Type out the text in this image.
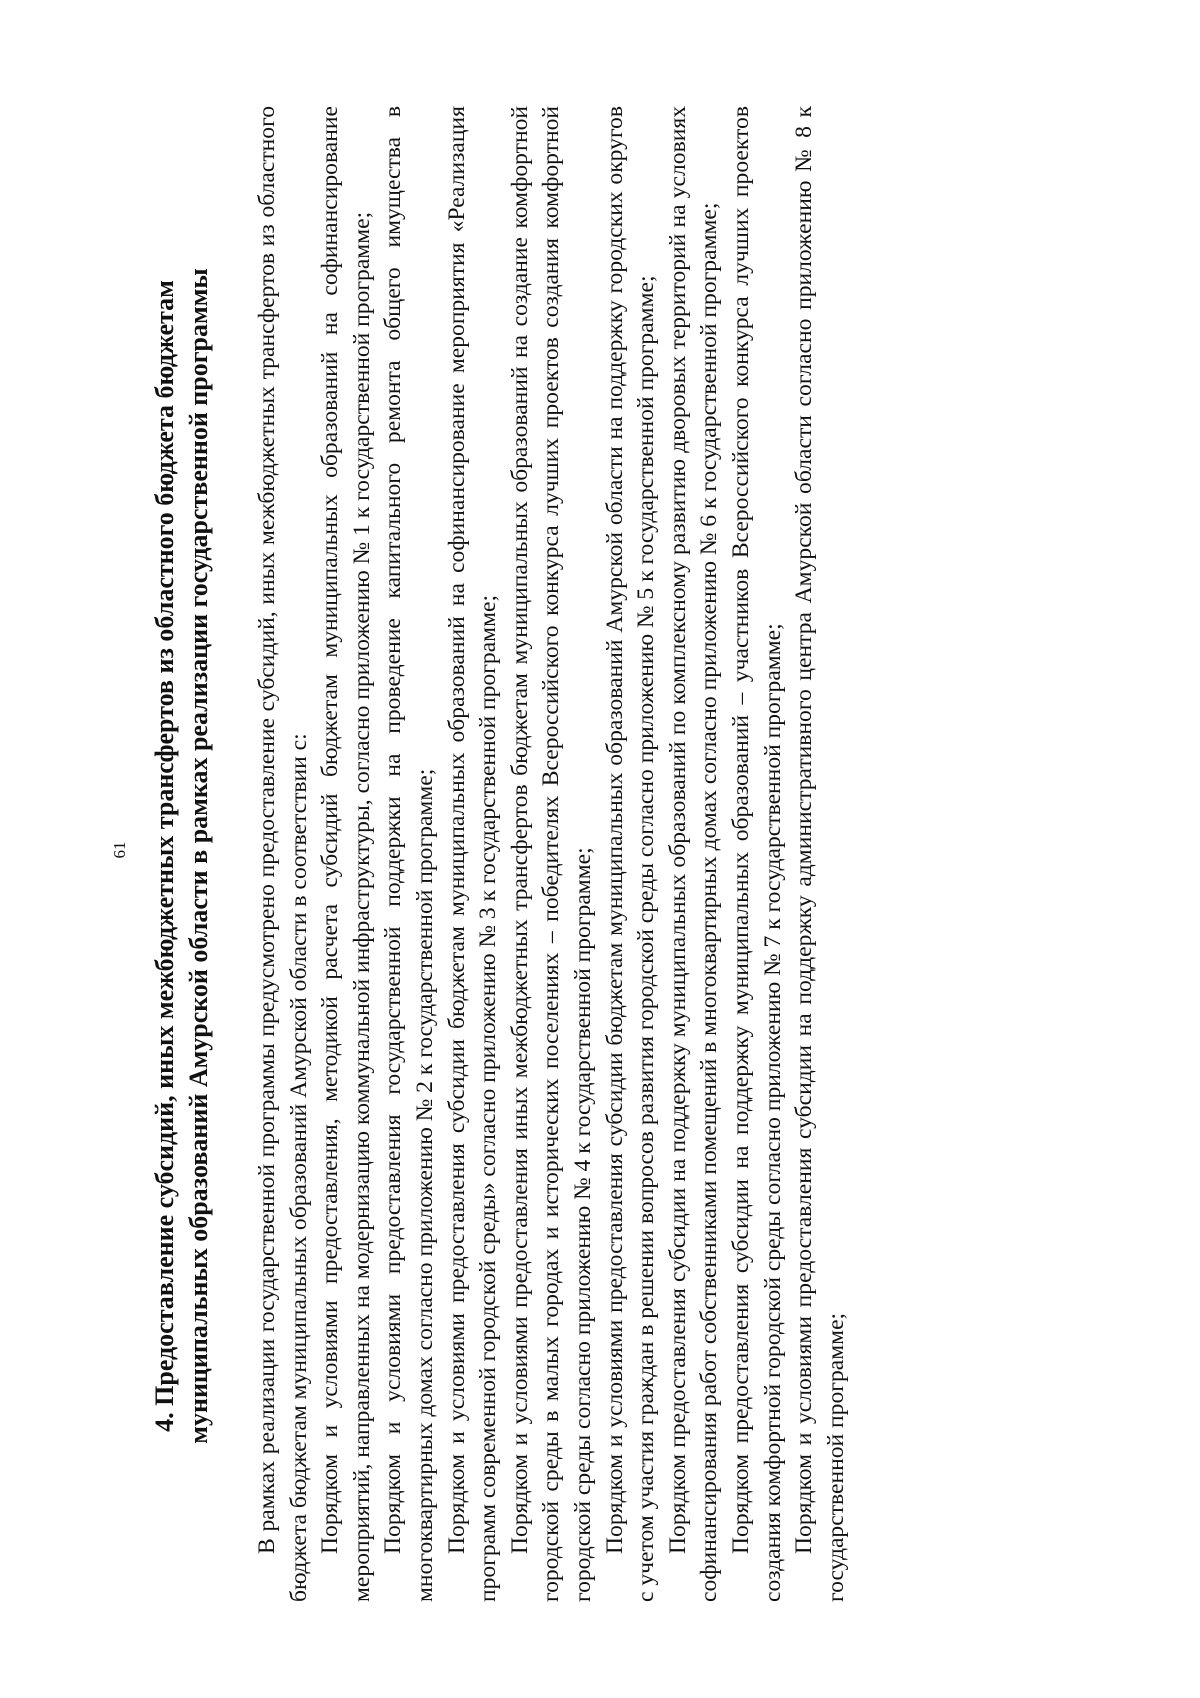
61 4. Предоставление субсидий, иных межбюджетных трансфертов из областного бюджета бюджетам муниципальных образований Амурской области в рамках реализации государственной программы В рамках реализации государственной программы предусмотрено предоставление субсидий, иных межбюджетных трансфертов из областного бюджета бюджетам муниципальных образований Амурской области в соответствии с: Порядком и условиями предоставления, методикой расчета субсидий бюджетам муниципальных образований на софинансирование мероприятий, направленных на модернизацию коммунальной инфраструктуры, согласно приложению № 1 к государственной программе; Порядком и условиями предоставления государственной поддержки на проведение капитального ремонта общего имущества в многоквартирных домах согласно приложению № 2 к государственной программе; Порядком и условиями предоставления субсидии бюджетам муниципальных образований на софинансирование мероприятия «Реализация программ современной городской среды» согласно приложению № 3 к государственной программе; Порядком и условиями предоставления иных межбюджетных трансфертов бюджетам муниципальных образований на создание комфортной городской среды в малых городах и исторических поселениях – победителях Всероссийского конкурса лучших проектов создания комфортной городской среды согласно приложению № 4 к государственной программе; Порядком и условиями предоставления субсидии бюджетам муниципальных образований Амурской области на поддержку городских округов с учетом участия граждан в решении вопросов развития городской среды согласно приложению № 5 к государственной программе; Порядком предоставления субсидии на поддержку муниципальных образований по комплексному развитию дворовых территорий на условиях софинансирования работ собственниками помещений в многоквартирных домах согласно приложению № 6 к государственной программе; Порядком предоставления субсидии на поддержку муниципальных образований – участников Всероссийского конкурса лучших проектов создания комфортной городской среды согласно приложению № 7 к государственной программе; Порядком и условиями предоставления субсидии на поддержку административного центра Амурской области согласно приложению № 8 к государственной программе;
